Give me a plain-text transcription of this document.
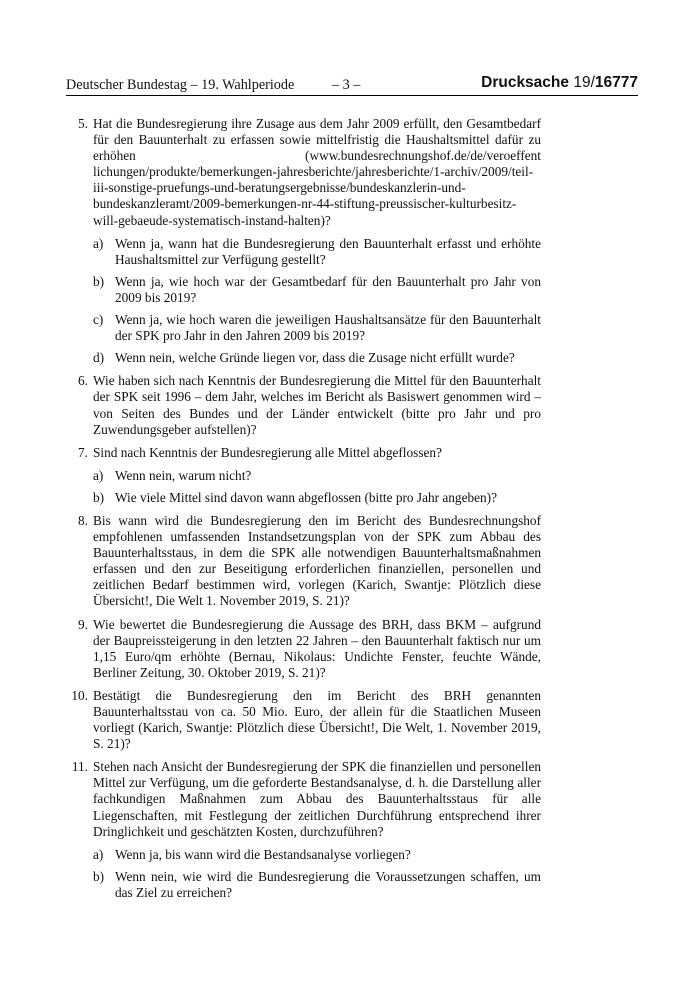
Deutscher Bundestag – 19. Wahlperiode	– 3 –	Drucksache 19/16777
5. Hat die Bundesregierung ihre Zusage aus dem Jahr 2009 erfüllt, den Gesamtbedarf für den Bauunterhalt zu erfassen sowie mittelfristig die Haushaltsmittel dafür zu erhöhen (www.bundesrechnungshof.de/de/veroeffent​lichungen/produkte/bemerkungen-jahresberichte/jahresberichte/1-archiv/2​009/teil-iii-sonstige-pruefungs-und-beratungsergebnisse/bundeskanzlerin-​und-bundeskanzleramt/2009-bemerkungen-nr-44-stiftung-preussischer-kul​turbesitz-will-gebaeude-systematisch-instand-halten)?
a) Wenn ja, wann hat die Bundesregierung den Bauunterhalt erfasst und erhöhte Haushaltsmittel zur Verfügung gestellt?
b) Wenn ja, wie hoch war der Gesamtbedarf für den Bauunterhalt pro Jahr von 2009 bis 2019?
c) Wenn ja, wie hoch waren die jeweiligen Haushaltsansätze für den Bauunterhalt der SPK pro Jahr in den Jahren 2009 bis 2019?
d) Wenn nein, welche Gründe liegen vor, dass die Zusage nicht erfüllt wurde?
6. Wie haben sich nach Kenntnis der Bundesregierung die Mittel für den Bauunterhalt der SPK seit 1996 – dem Jahr, welches im Bericht als Basiswert genommen wird – von Seiten des Bundes und der Länder entwickelt (bitte pro Jahr und pro Zuwendungsgeber aufstellen)?
7. Sind nach Kenntnis der Bundesregierung alle Mittel abgeflossen?
a) Wenn nein, warum nicht?
b) Wie viele Mittel sind davon wann abgeflossen (bitte pro Jahr angeben)?
8. Bis wann wird die Bundesregierung den im Bericht des Bundesrechnungshof empfohlenen umfassenden Instandsetzungsplan von der SPK zum Abbau des Bauunterhaltsstaus, in dem die SPK alle notwendigen Bauunterhaltsmaßnahmen erfassen und den zur Beseitigung erforderlichen finanziellen, personellen und zeitlichen Bedarf bestimmen wird, vorlegen (Karich, Swantje: Plötzlich diese Übersicht!, Die Welt 1. November 2019, S. 21)?
9. Wie bewertet die Bundesregierung die Aussage des BRH, dass BKM – aufgrund der Baupreissteigerung in den letzten 22 Jahren – den Bauunterhalt faktisch nur um 1,15 Euro/qm erhöhte (Bernau, Nikolaus: Undichte Fenster, feuchte Wände, Berliner Zeitung, 30. Oktober 2019, S. 21)?
10. Bestätigt die Bundesregierung den im Bericht des BRH genannten Bauunterhaltsstau von ca. 50 Mio. Euro, der allein für die Staatlichen Museen vorliegt (Karich, Swantje: Plötzlich diese Übersicht!, Die Welt, 1. November 2019, S. 21)?
11. Stehen nach Ansicht der Bundesregierung der SPK die finanziellen und personellen Mittel zur Verfügung, um die geforderte Bestandsanalyse, d. h. die Darstellung aller fachkundigen Maßnahmen zum Abbau des Bauunterhaltsstaus für alle Liegenschaften, mit Festlegung der zeitlichen Durchführung entsprechend ihrer Dringlichkeit und geschätzten Kosten, durchzuführen?
a) Wenn ja, bis wann wird die Bestandsanalyse vorliegen?
b) Wenn nein, wie wird die Bundesregierung die Voraussetzungen schaffen, um das Ziel zu erreichen?
